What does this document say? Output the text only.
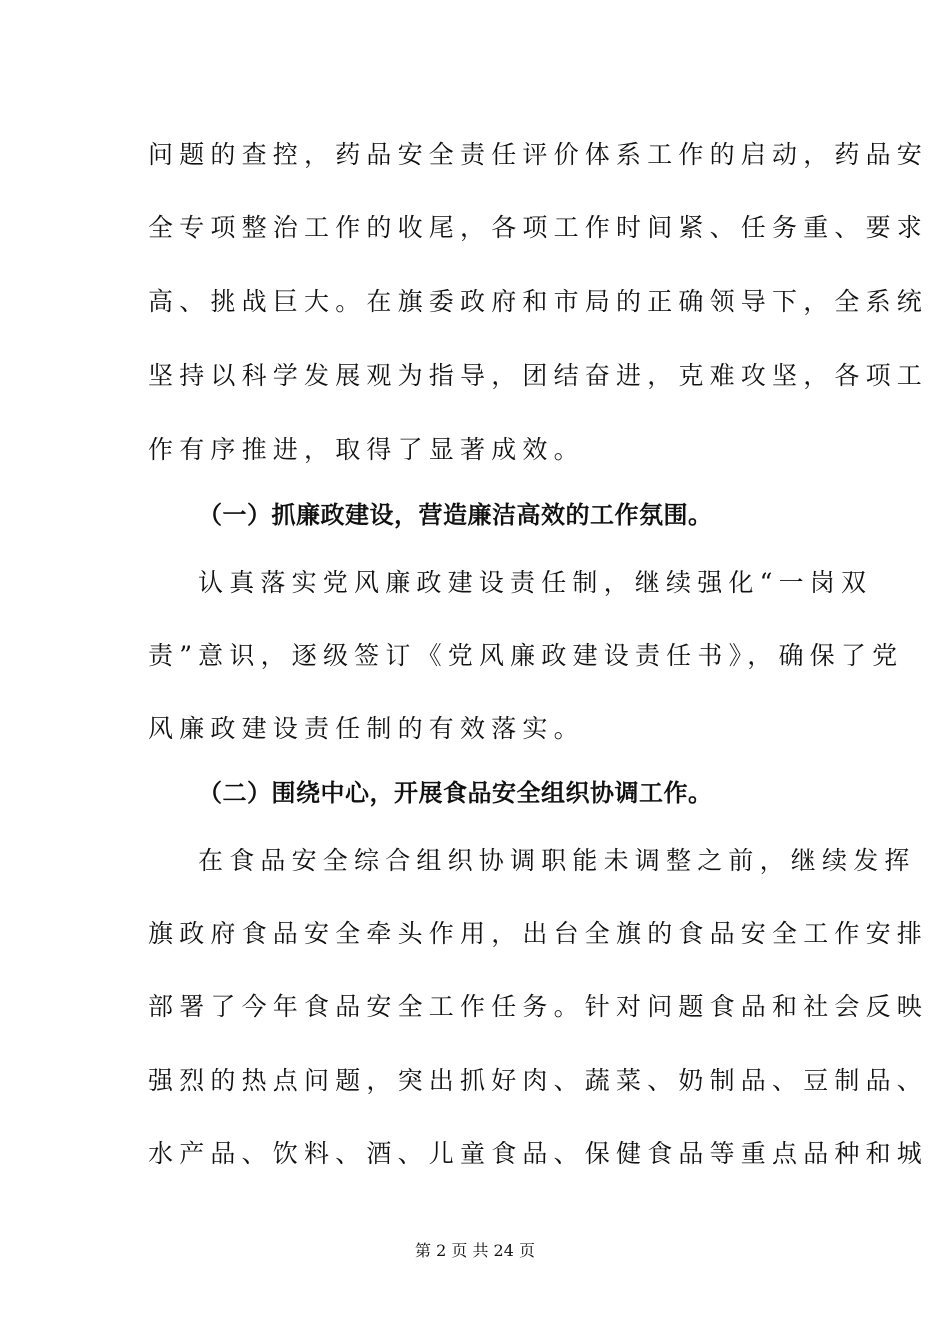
问题的查控，药品安全责任评价体系工作的启动，药品安
全专项整治工作的收尾，各项工作时间紧、任务重、要求
高、挑战巨大。在旗委政府和市局的正确领导下，全系统
坚持以科学发展观为指导，团结奋进，克难攻坚，各项工
作有序推进，取得了显著成效。
（一）抓廉政建设，营造廉洁高效的工作氛围。
认真落实党风廉政建设责任制，继续强化“一岗双
责”意识，逐级签订《党风廉政建设责任书》，确保了党
风廉政建设责任制的有效落实。
（二）围绕中心，开展食品安全组织协调工作。
在食品安全综合组织协调职能未调整之前，继续发挥
旗政府食品安全牵头作用，出台全旗的食品安全工作安排
部署了今年食品安全工作任务。针对问题食品和社会反映
强烈的热点问题，突出抓好肉、蔬菜、奶制品、豆制品、
水产品、饮料、酒、儿童食品、保健食品等重点品种和城
第 2 页 共 24 页
